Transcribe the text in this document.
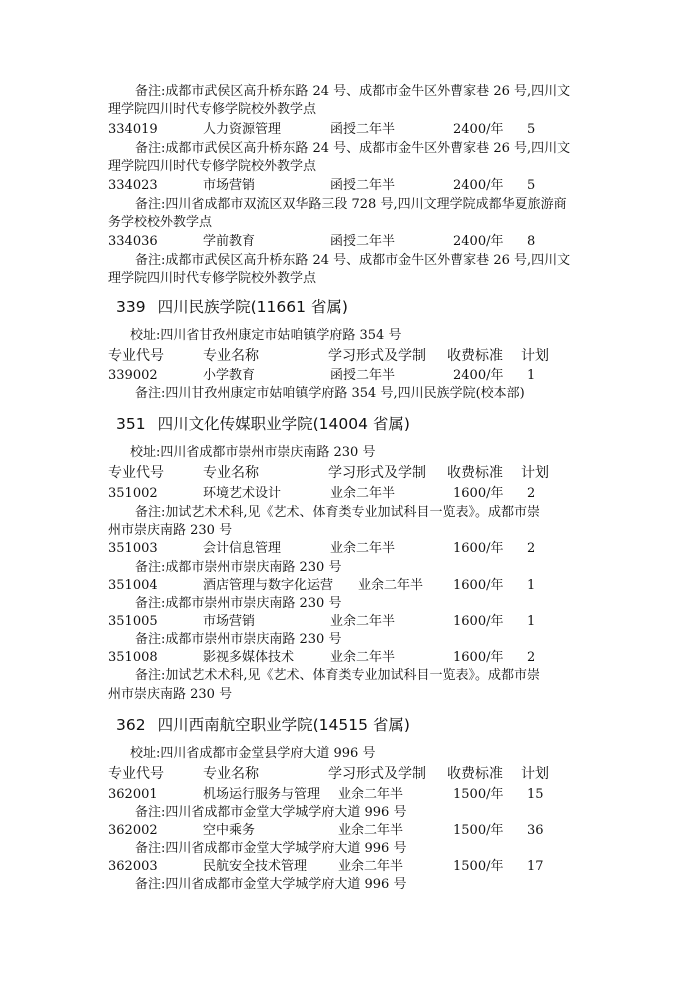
备注:成都市武侯区高升桥东路 24 号、成都市金牛区外曹家巷 26 号,四川文
理学院四川时代专修学院校外教学点
334019	人力资源管理	函授二年半	2400/年 5
备注:成都市武侯区高升桥东路 24 号、成都市金牛区外曹家巷 26 号,四川文
理学院四川时代专修学院校外教学点
334023	市场营销	函授二年半	2400/年 5
备注:四川省成都市双流区双华路三段 728 号,四川文理学院成都华夏旅游商
务学校校外教学点
334036	学前教育	函授二年半	2400/年 8
备注:成都市武侯区高升桥东路 24 号、成都市金牛区外曹家巷 26 号,四川文
理学院四川时代专修学院校外教学点
339 四川民族学院(11661 省属)
校址:四川省甘孜州康定市姑咱镇学府路 354 号
专业代号	专业名称	学习形式及学制 收费标准 计划
339002	小学教育	函授二年半	2400/年 1
备注:四川甘孜州康定市姑咱镇学府路 354 号,四川民族学院(校本部)
351 四川文化传媒职业学院(14004 省属)
校址:四川省成都市崇州市崇庆南路 230 号
专业代号	专业名称	学习形式及学制 收费标准 计划
351002	环境艺术设计	业余二年半	1600/年 2
备注:加试艺术术科,见《艺术、体育类专业加试科目一览表》。成都市崇
州市崇庆南路 230 号
351003	会计信息管理	业余二年半	1600/年 2
备注:成都市崇州市崇庆南路 230 号
351004	酒店管理与数字化运营 业余二年半 1600/年 1
备注:成都市崇州市崇庆南路 230 号
351005	市场营销	业余二年半	1600/年 1
备注:成都市崇州市崇庆南路 230 号
351008	影视多媒体技术	业余二年半	1600/年 2
备注:加试艺术术科,见《艺术、体育类专业加试科目一览表》。成都市崇
州市崇庆南路 230 号
362 四川西南航空职业学院(14515 省属)
校址:四川省成都市金堂县学府大道 996 号
专业代号	专业名称	学习形式及学制 收费标准 计划
362001	机场运行服务与管理 业余二年半	1500/年 15
备注:四川省成都市金堂大学城学府大道 996 号
362002	空中乘务	业余二年半	1500/年 36
备注:四川省成都市金堂大学城学府大道 996 号
362003	民航安全技术管理 业余二年半	1500/年 17
备注:四川省成都市金堂大学城学府大道 996 号
